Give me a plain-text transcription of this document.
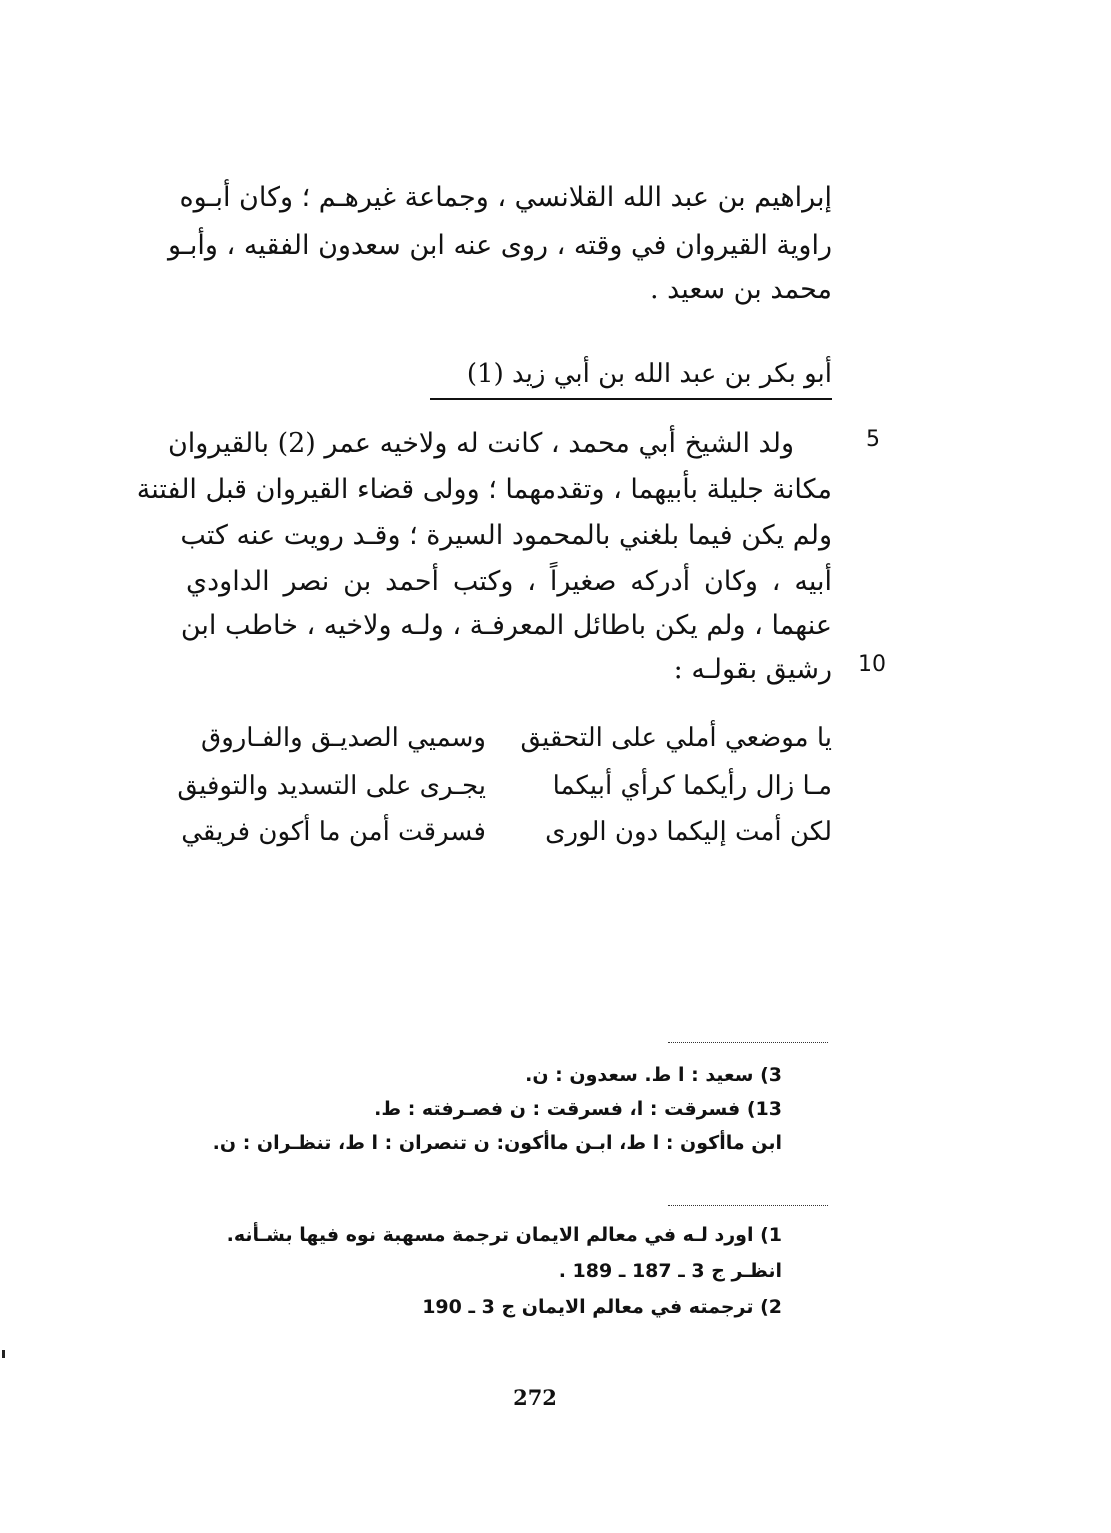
إبراهيم بن عبد الله القلانسي ، وجماعة غيرهـم ؛ وكان أبـوه
راوية القيروان في وقته ، روى عنه ابن سعدون الفقيه ، وأبـو
محمد بن سعيد .
أبو بكر بن عبد الله بن أبي زيد (1)
5
10
ولد الشيخ أبي محمد ، كانت له ولاخيه عمر (2) بالقيروان
مكانة جليلة بأبيهما ، وتقدمهما ؛ وولى قضاء القيروان قبل الفتنة
ولم يكن فيما بلغني بالمحمود السيرة ؛ وقـد رويت عنه كتب
أبيه ، وكان أدركه صغيراً ، وكتب أحمد بن نصر الداودي
عنهما ، ولم يكن باطائل المعرفـة ، ولـه ولاخيه ، خاطب ابن
رشيق بقولـه :
يا موضعي أملي على التحقيق
وسميي الصديـق والفـاروق
مـا زال رأيكما كرأي أبيكما
يجـرى على التسديد والتوفيق
لكن أمت إليكما دون الورى
فسرقت أمن ما أكون فريقي
3) سعيد : ا ط. سعدون : ن.
13) فسرقت : ا، فسرقت : ن فصـرفته : ط.
ابن ماأكون : ا ط، ابـن ماأكون: ن تنصران : ا ط، تنظـران : ن.
1) اورد لـه في معالم الايمان ترجمة مسهبة نوه فيها بشـأنه.
انظـر ج 3 ـ 187 ـ 189 .
2) ترجمته في معالم الايمان ج 3 ـ 190
272
